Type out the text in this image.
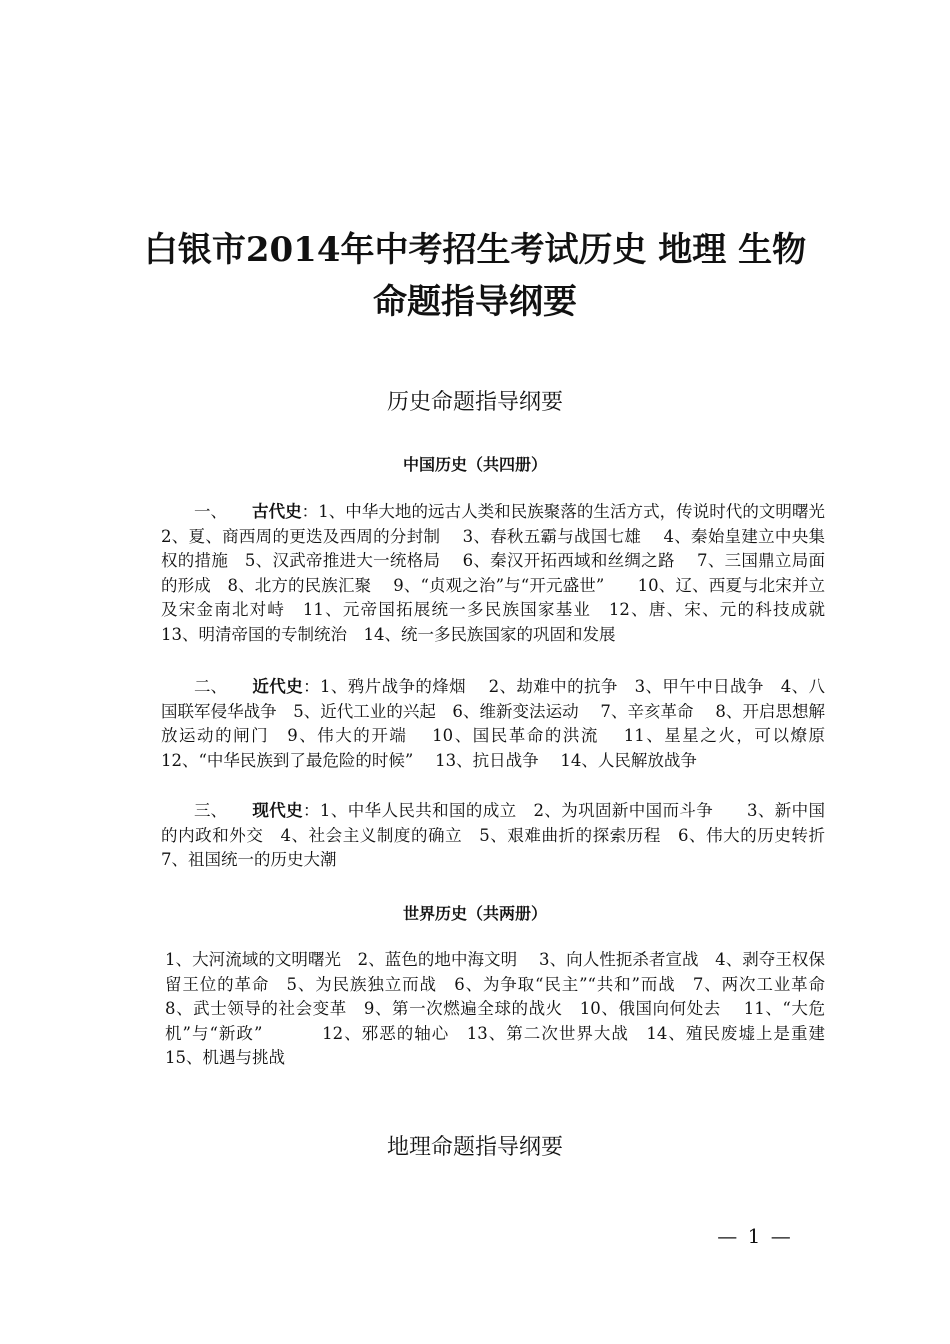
白银市2014年中考招生考试历史 地理 生物
命题指导纲要
历史命题指导纲要
中国历史（共四册）

一、 古代史：1、中华大地的远古人类和民族聚落的生活方式，传说时代的文明曙光　2、夏、商西周的更迭及西周的分封制　 3、春秋五霸与战国七雄　 4、秦始皇建立中央集权的措施　5、汉武帝推进大一统格局　 6、秦汉开拓西域和丝绸之路　 7、三国鼎立局面的形成　8、北方的民族汇聚　 9、“贞观之治”与“开元盛世”　　10、辽、西夏与北宋并立及宋金南北对峙　11、元帝国拓展统一多民族国家基业　12、唐、宋、元的科技成就　13、明清帝国的专制统治　14、统一多民族国家的巩固和发展

二、 近代史：1、鸦片战争的烽烟　 2、劫难中的抗争　3、甲午中日战争　4、八国联军侵华战争　5、近代工业的兴起　6、维新变法运动　 7、辛亥革命　 8、开启思想解放运动的闸门　9、伟大的开端　 10、国民革命的洪流　 11、星星之火，可以燎原　12、“中华民族到了最危险的时候”　 13、抗日战争　 14、人民解放战争

三、 现代史：1、中华人民共和国的成立　2、为巩固新中国而斗争　　3、新中国的内政和外交　4、社会主义制度的确立　5、艰难曲折的探索历程　6、伟大的历史转折　 7、祖国统一的历史大潮

世界历史（共两册）

1、大河流域的文明曙光　2、蓝色的地中海文明　 3、向人性扼杀者宣战　4、剥夺王权保留王位的革命　5、为民族独立而战　6、为争取“民主”“共和”而战　7、两次工业革命　 8、武士领导的社会变革　9、第一次燃遍全球的战火　10、俄国向何处去　 11、“大危机”与“新政”　　　 12、邪恶的轴心　13、第二次世界大战　14、殖民废墟上是重建　15、机遇与挑战

地理命题指导纲要
— 1 —
